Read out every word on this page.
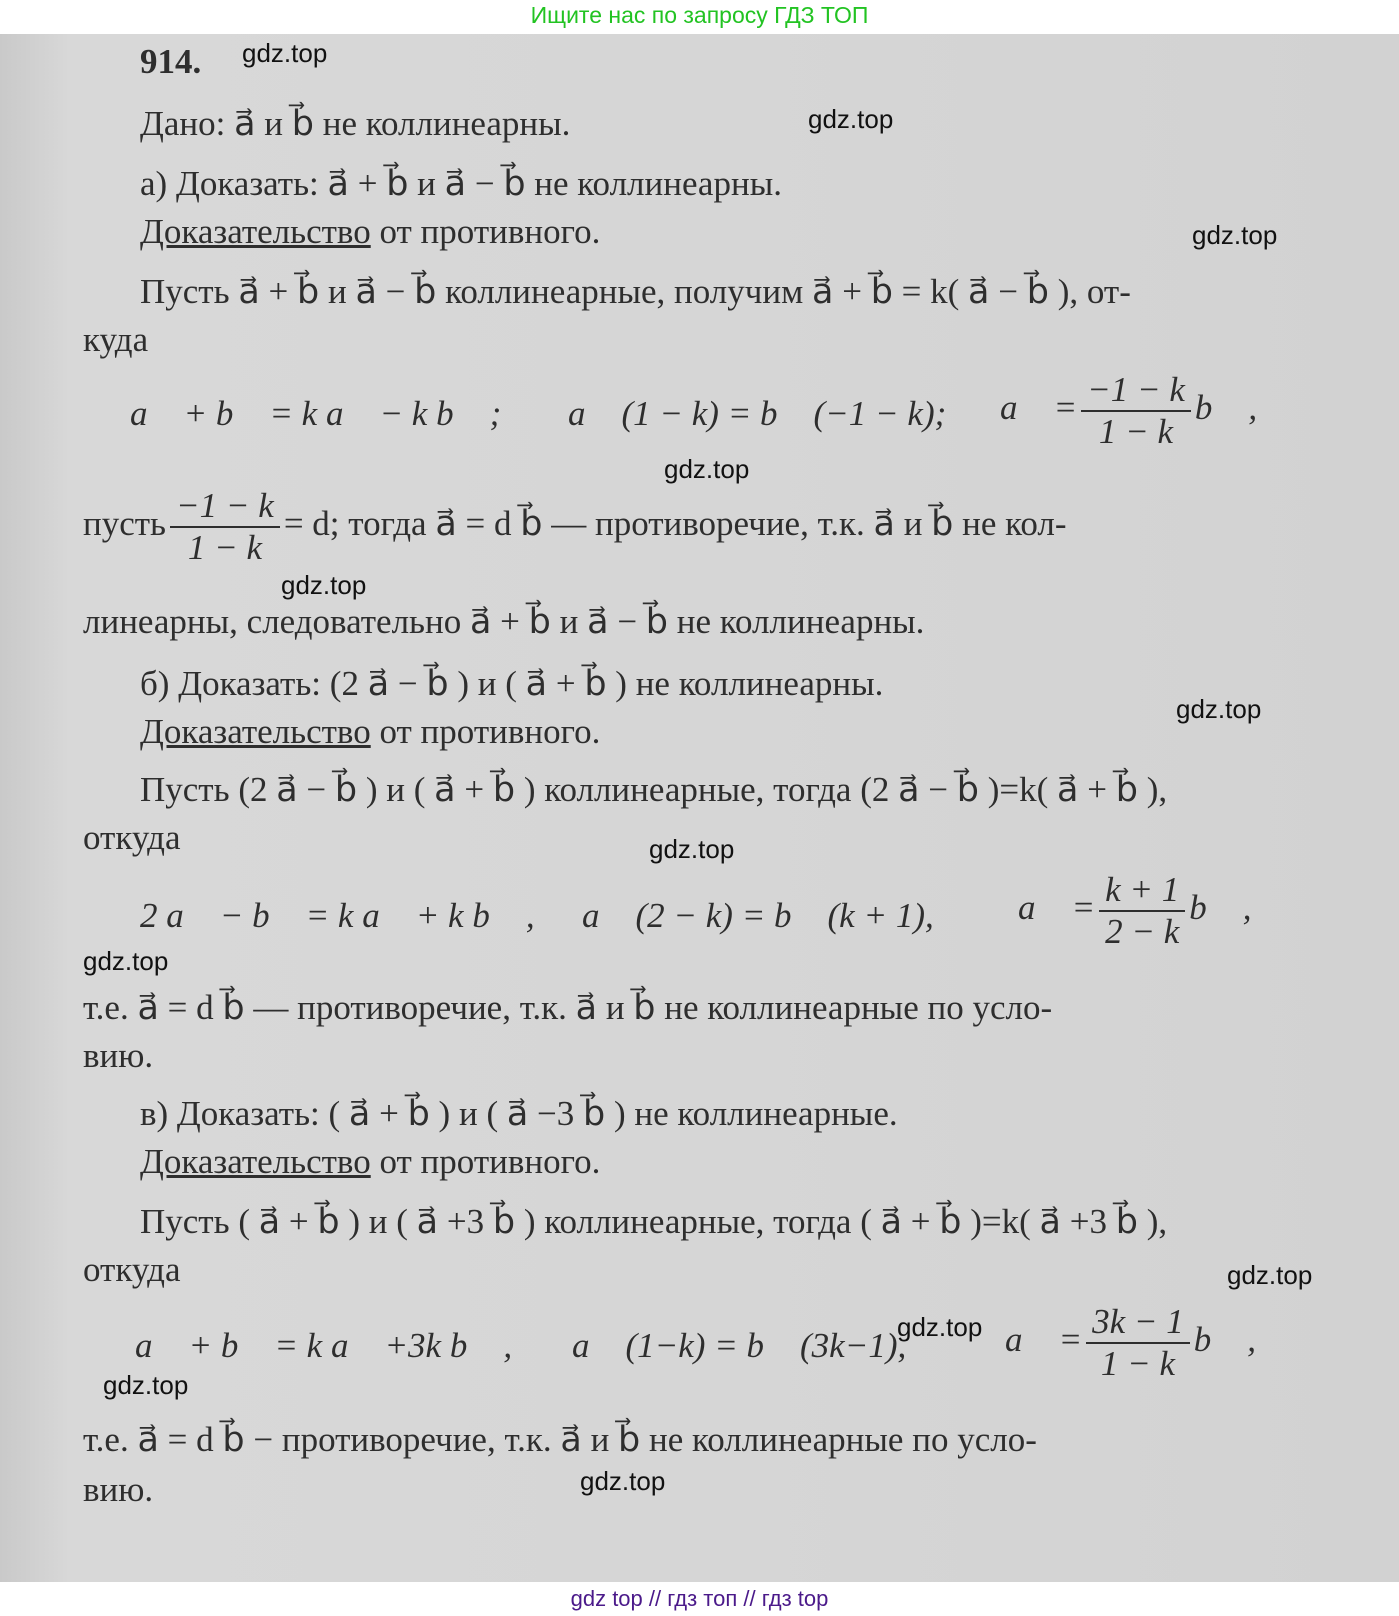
Ищите нас по запросу ГДЗ ТОП
914.
Дано: a⃗ и b⃗ не коллинеарны.
а) Доказать: a⃗ + b⃗ и a⃗ − b⃗ не коллинеарны.
Доказательство от противного.
Пусть a⃗ + b⃗ и a⃗ − b⃗ коллинеарные, получим a⃗ + b⃗ = k( a⃗ − b⃗ ), от-
куда
a⃗ + b⃗ = k a⃗ − k b⃗ ; a⃗ (1 − k) = b⃗ (−1 − k); a⃗ = $\frac{-1 - k}{1 - k}$ b⃗ ,
пусть $\frac{-1 - k}{1 - k} = d$; тогда a⃗ = d b⃗ — противоречие, т.к. a⃗ и b⃗ не кол-
линеарны, следовательно a⃗ + b⃗ и a⃗ − b⃗ не коллинеарны.
б) Доказать: (2 a⃗ − b⃗ ) и ( a⃗ + b⃗ ) не коллинеарны.
Доказательство от противного.
Пусть (2 a⃗ − b⃗ ) и ( a⃗ + b⃗ ) коллинеарные, тогда (2 a⃗ − b⃗ )=k( a⃗ + b⃗ ),
откуда
2 a⃗ − b⃗ = k a⃗ + k b⃗ , a⃗ (2 − k) = b⃗ (k + 1), a⃗ = $\frac{k + 1}{2 - k}$ b⃗ ,
т.е. a⃗ = d b⃗ — противоречие, т.к. a⃗ и b⃗ не коллинеарные по усло-
вию.
в) Доказать: ( a⃗ + b⃗ ) и ( a⃗ −3 b⃗ ) не коллинеарные.
Доказательство от противного.
Пусть ( a⃗ + b⃗ ) и ( a⃗ +3 b⃗ ) коллинеарные, тогда ( a⃗ + b⃗ )=k( a⃗ +3 b⃗ ),
откуда
a⃗ + b⃗ = k a⃗ +3k b⃗ , a⃗ (1−k) = b⃗ (3k−1),	a⃗ = $\frac{3k - 1}{1 - k}$ b⃗ ,
т.е. a⃗ = d b⃗ − противоречие, т.к. a⃗ и b⃗ не коллинеарные по усло-
вию.
gdz.top
gdz.top
gdz.top
gdz.top
gdz.top
gdz.top
gdz.top
gdz.top
gdz.top
gdz.top
gdz.top
gdz.top
gdz top // гдз топ // гдз top
